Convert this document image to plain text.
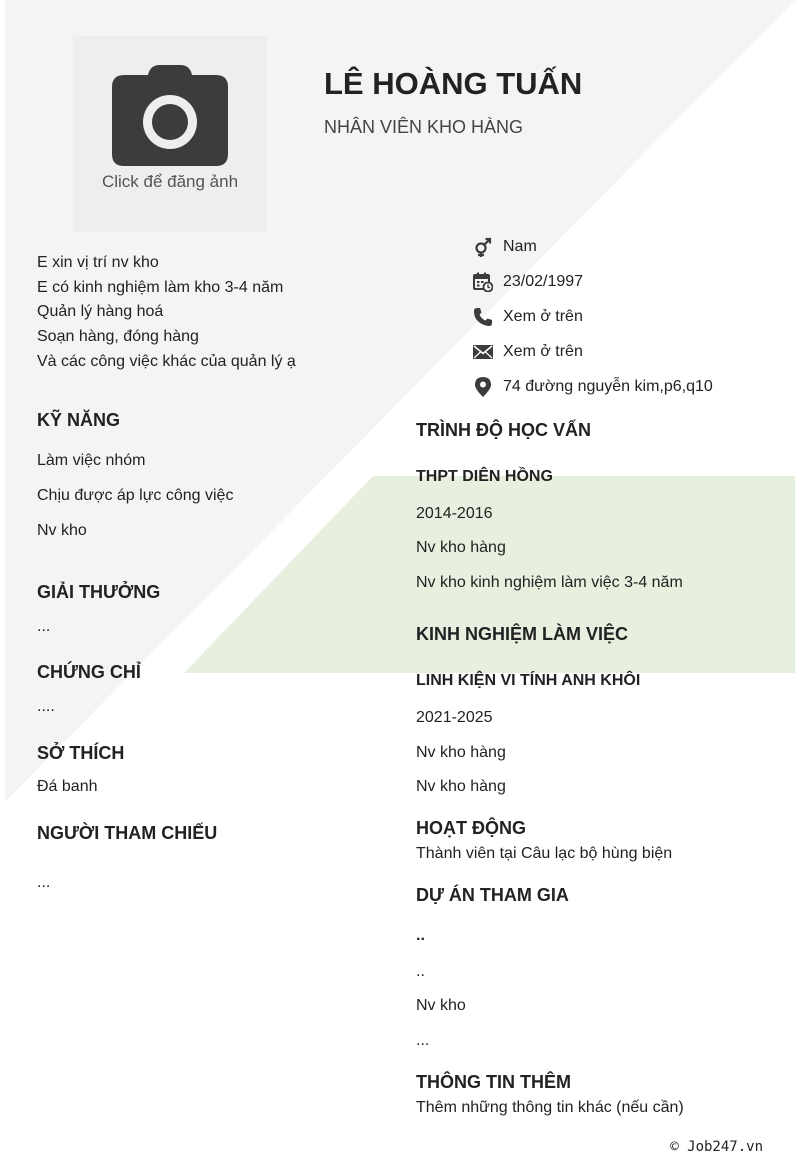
Click để đăng ảnh
LÊ HOÀNG TUẤN
NHÂN VIÊN KHO HÀNG
E xin vị trí nv kho
E có kinh nghiệm làm kho 3-4 năm
Quản lý hàng hoá
Soạn hàng, đóng hàng
Và các công việc khác của quản lý ạ
Nam
23/02/1997
Xem ở trên
Xem ở trên
74 đường nguyễn kim,p6,q10
KỸ NĂNG
Làm việc nhóm
Chịu được áp lực công việc
Nv kho
GIẢI THƯỞNG
...
CHỨNG CHỈ
....
SỞ THÍCH
Đá banh
NGƯỜI THAM CHIẾU
...
TRÌNH ĐỘ HỌC VẤN
THPT DIÊN HỒNG
2014-2016
Nv kho hàng
Nv kho kinh nghiệm làm việc 3-4 năm
KINH NGHIỆM LÀM VIỆC
LINH KIỆN VI TÍNH ANH KHÔI
2021-2025
Nv kho hàng
Nv kho hàng
HOẠT ĐỘNG
Thành viên tại Câu lạc bộ hùng biện
DỰ ÁN THAM GIA
..
..
Nv kho
...
THÔNG TIN THÊM
Thêm những thông tin khác (nếu cần)
© Job247.vn
